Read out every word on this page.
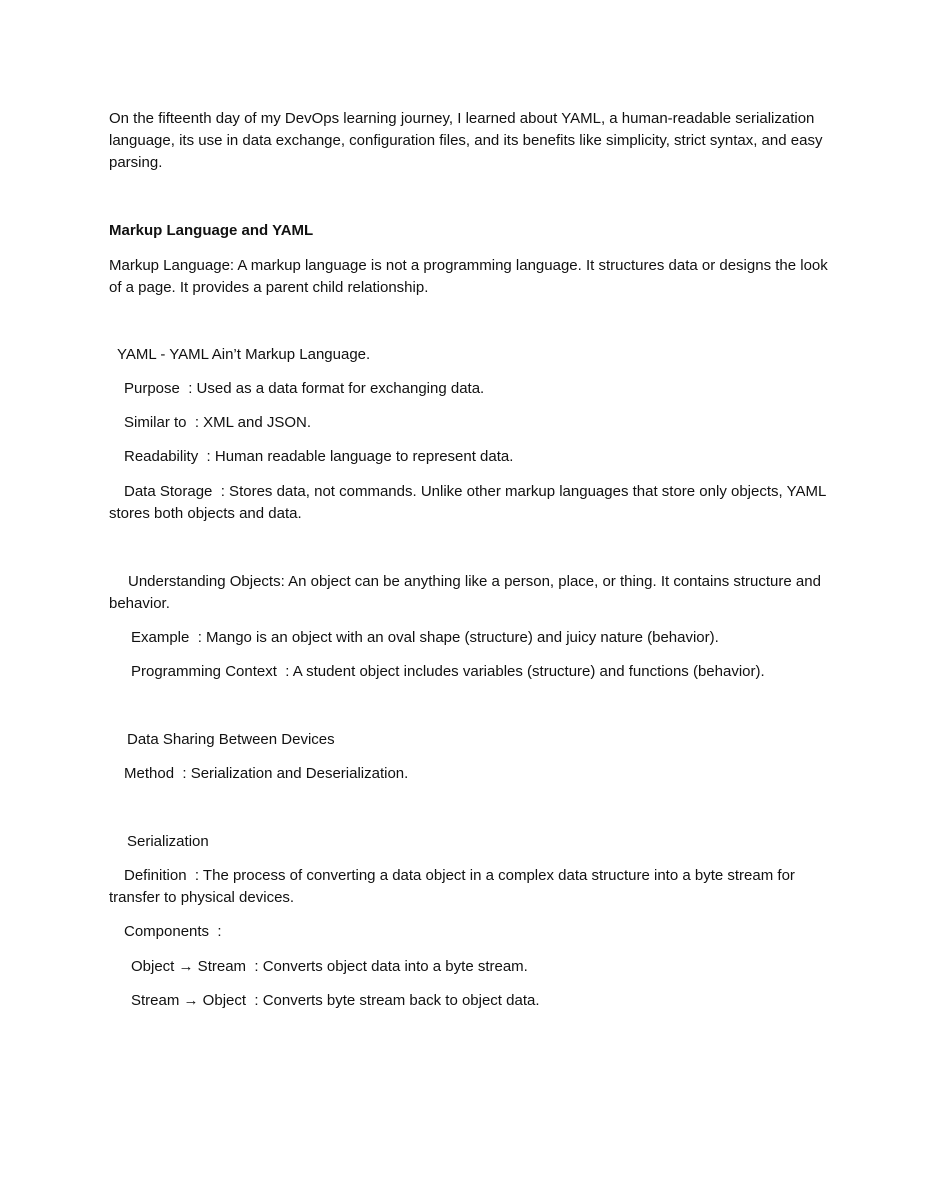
On the fifteenth day of my DevOps learning journey, I learned about YAML, a human-readable serialization language, its use in data exchange, configuration files, and its benefits like simplicity, strict syntax, and easy parsing.

Markup Language and YAML

Markup Language: A markup language is not a programming language. It structures data or designs the look of a page. It provides a parent child relationship.

YAML - YAML Ain’t Markup Language.

Purpose  : Used as a data format for exchanging data.

Similar to  : XML and JSON.

Readability  : Human readable language to represent data.

Data Storage  : Stores data, not commands. Unlike other markup languages that store only objects, YAML stores both objects and data.

Understanding Objects: An object can be anything like a person, place, or thing. It contains structure and behavior.

Example  : Mango is an object with an oval shape (structure) and juicy nature (behavior).

Programming Context  : A student object includes variables (structure) and functions (behavior).

Data Sharing Between Devices

Method  : Serialization and Deserialization.

Serialization

Definition  : The process of converting a data object in a complex data structure into a byte stream for transfer to physical devices.

Components  :

Object → Stream  : Converts object data into a byte stream.

Stream → Object  : Converts byte stream back to object data.
